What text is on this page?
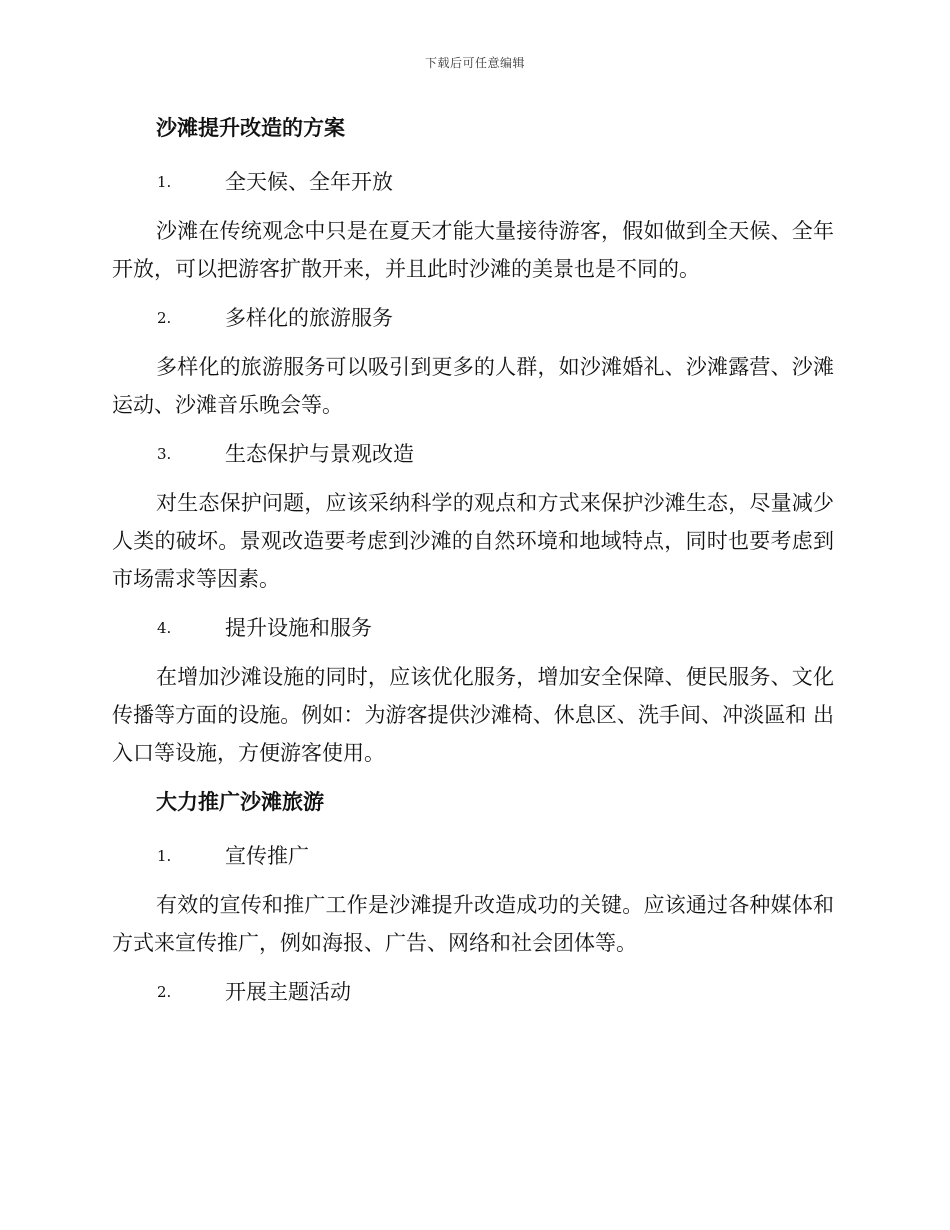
下载后可任意编辑
沙滩提升改造的方案
1.	全天候、全年开放

沙滩在传统观念中只是在夏天才能大量接待游客，假如做到全天候、全年开放，可以把游客扩散开来，并且此时沙滩的美景也是不同的。

2.	多样化的旅游服务

多样化的旅游服务可以吸引到更多的人群，如沙滩婚礼、沙滩露营、沙滩运动、沙滩音乐晚会等。

3.	生态保护与景观改造

对生态保护问题，应该采纳科学的观点和方式来保护沙滩生态，尽量减少人类的破坏。景观改造要考虑到沙滩的自然环境和地域特点，同时也要考虑到市场需求等因素。

4.	提升设施和服务

在增加沙滩设施的同时，应该优化服务，增加安全保障、便民服务、文化传播等方面的设施。例如：为游客提供沙滩椅、休息区、洗手间、冲淡區和 出入口等设施，方便游客使用。

大力推广沙滩旅游
1.	宣传推广

有效的宣传和推广工作是沙滩提升改造成功的关键。应该通过各种媒体和方式来宣传推广，例如海报、广告、网络和社会团体等。

2.	开展主题活动
